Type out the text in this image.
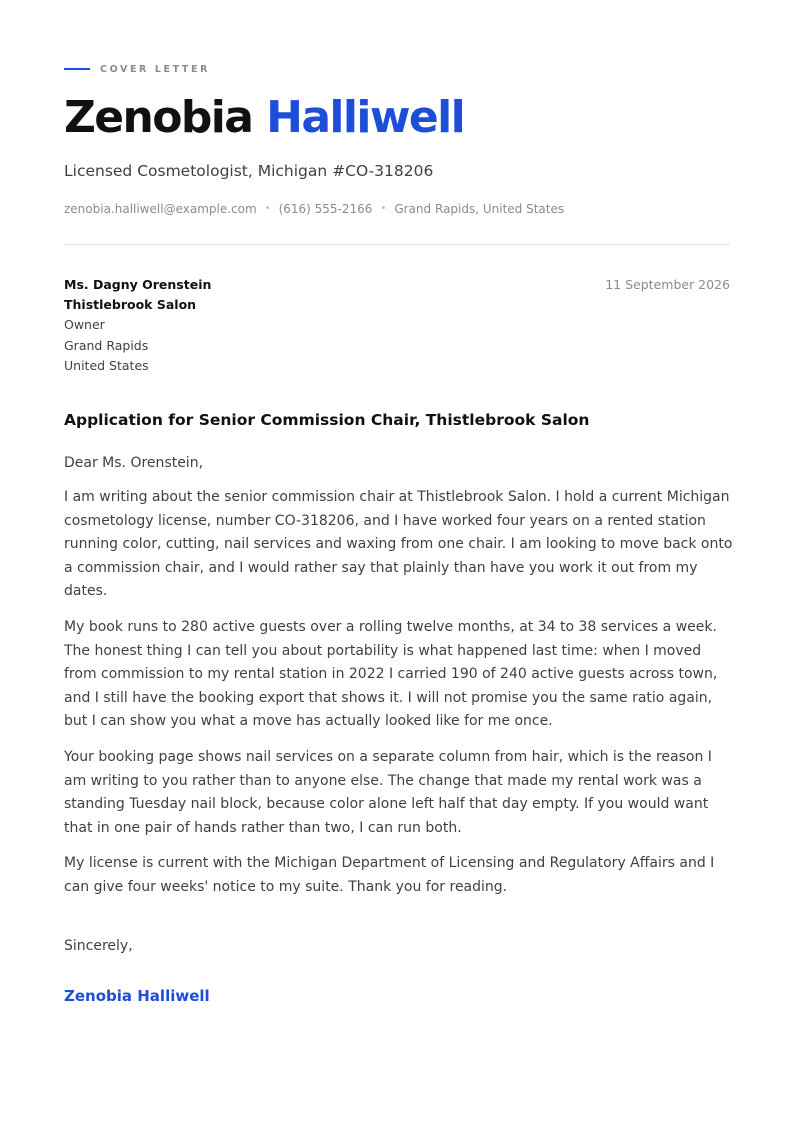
COVER LETTER
Zenobia Halliwell
Licensed Cosmetologist, Michigan #CO-318206
zenobia.halliwell@example.com • (616) 555-2166 • Grand Rapids, United States
Ms. Dagny Orenstein
Thistlebrook Salon
Owner
Grand Rapids
United States
11 September 2026
Application for Senior Commission Chair, Thistlebrook Salon
Dear Ms. Orenstein,

I am writing about the senior commission chair at Thistlebrook Salon. I hold a current Michigan cosmetology license, number CO-318206, and I have worked four years on a rented station running color, cutting, nail services and waxing from one chair. I am looking to move back onto a commission chair, and I would rather say that plainly than have you work it out from my dates.

My book runs to 280 active guests over a rolling twelve months, at 34 to 38 services a week. The honest thing I can tell you about portability is what happened last time: when I moved from commission to my rental station in 2022 I carried 190 of 240 active guests across town, and I still have the booking export that shows it. I will not promise you the same ratio again, but I can show you what a move has actually looked like for me once.

Your booking page shows nail services on a separate column from hair, which is the reason I am writing to you rather than to anyone else. The change that made my rental work was a standing Tuesday nail block, because color alone left half that day empty. If you would want that in one pair of hands rather than two, I can run both.

My license is current with the Michigan Department of Licensing and Regulatory Affairs and I can give four weeks' notice to my suite. Thank you for reading.

Sincerely,
Zenobia Halliwell
